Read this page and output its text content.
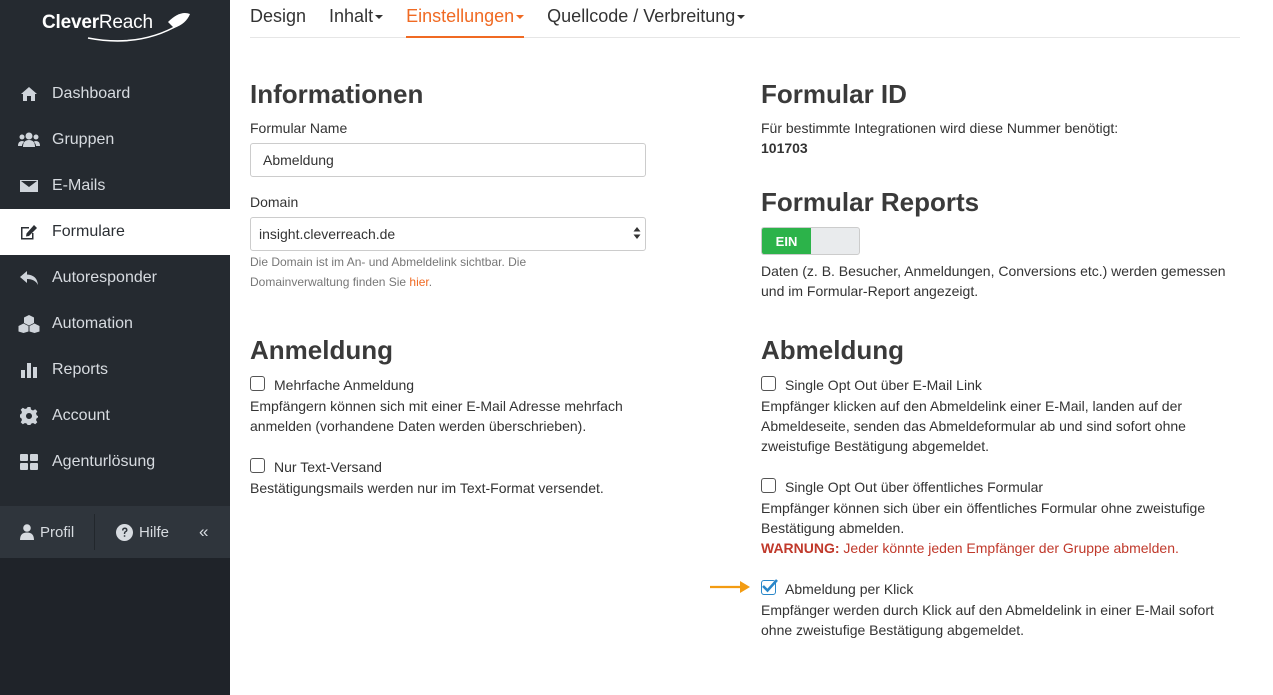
CleverReach
Dashboard
Gruppen
E-Mails
Formulare
Autoresponder
Automation
Reports
Account
Agenturlösung
Profil	Hilfe «
Design Inhalt	Einstellungen	Quellcode / Verbreitung
Informationen
Formular Name
Abmeldung
Domain
insight.cleverreach.de
Die Domain ist im An- und Abmeldelink sichtbar. Die
Domainverwaltung finden Sie hier.
Formular ID
Für bestimmte Integrationen wird diese Nummer benötigt:
101703
Formular Reports
EIN
Daten (z. B. Besucher, Anmeldungen, Conversions etc.) werden gemessen
und im Formular-Report angezeigt.
Anmeldung
Mehrfache Anmeldung
Empfängern können sich mit einer E-Mail Adresse mehrfach
anmelden (vorhandene Daten werden überschrieben).
Nur Text-Versand
Bestätigungsmails werden nur im Text-Format versendet.
Abmeldung
Single Opt Out über E-Mail Link
Empfänger klicken auf den Abmeldelink einer E-Mail, landen auf der
Abmeldeseite, senden das Abmeldeformular ab und sind sofort ohne
zweistufige Bestätigung abgemeldet.
Single Opt Out über öffentliches Formular
Empfänger können sich über ein öffentliches Formular ohne zweistufige
Bestätigung abmelden.
WARNUNG: Jeder könnte jeden Empfänger der Gruppe abmelden.
Abmeldung per Klick
Empfänger werden durch Klick auf den Abmeldelink in einer E-Mail sofort
ohne zweistufige Bestätigung abgemeldet.
